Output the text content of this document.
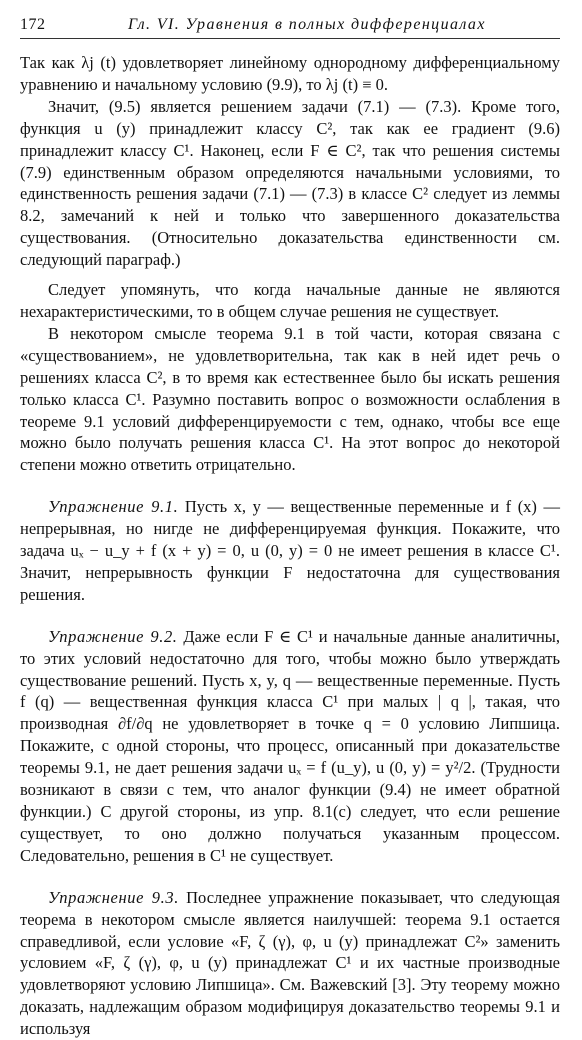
172	Гл. VI. Уравнения в полных дифференциалах

Так как λj (t) удовлетворяет линейному однородному дифференциальному уравнению и начальному условию (9.9), то λj (t) ≡ 0.

Значит, (9.5) является решением задачи (7.1) — (7.3). Кроме того, функция u (y) принадлежит классу C², так как ее градиент (9.6) принадлежит классу C¹. Наконец, если F ∈ C², так что решения системы (7.9) единственным образом определяются начальными условиями, то единственность решения задачи (7.1) — (7.3) в классе C² следует из леммы 8.2, замечаний к ней и только что завершенного доказательства существования. (Относительно доказательства единственности см. следующий параграф.)

Следует упомянуть, что когда начальные данные не являются нехарактеристическими, то в общем случае решения не существует.

В некотором смысле теорема 9.1 в той части, которая связана с «существованием», не удовлетворительна, так как в ней идет речь о решениях класса C², в то время как естественнее было бы искать решения только класса C¹. Разумно поставить вопрос о возможности ослабления в теореме 9.1 условий дифференцируемости с тем, однако, чтобы все еще можно было получать решения класса C¹. На этот вопрос до некоторой степени можно ответить отрицательно.

Упражнение 9.1. Пусть x, y — вещественные переменные и f (x) — непрерывная, но нигде не дифференцируемая функция. Покажите, что задача uₓ − u_y + f (x + y) = 0, u (0, y) = 0 не имеет решения в классе C¹. Значит, непрерывность функции F недостаточна для существования решения.

Упражнение 9.2. Даже если F ∈ C¹ и начальные данные аналитичны, то этих условий недостаточно для того, чтобы можно было утверждать существование решений. Пусть x, y, q — вещественные переменные. Пусть f (q) — вещественная функция класса C¹ при малых | q |, такая, что производная ∂f/∂q не удовлетворяет в точке q = 0 условию Липшица. Покажите, с одной стороны, что процесс, описанный при доказательстве теоремы 9.1, не дает решения задачи uₓ = f (u_y), u (0, y) = y²/2. (Трудности возникают в связи с тем, что аналог функции (9.4) не имеет обратной функции.) С другой стороны, из упр. 8.1(c) следует, что если решение существует, то оно должно получаться указанным процессом. Следовательно, решения в C¹ не существует.

Упражнение 9.3. Последнее упражнение показывает, что следующая теорема в некотором смысле является наилучшей: теорема 9.1 остается справедливой, если условие «F, ζ (γ), φ, u (y) принадлежат C²» заменить условием «F, ζ (γ), φ, u (y) принадлежат C¹ и их частные производные удовлетворяют условию Липшица». См. Важевский [3]. Эту теорему можно доказать, надлежащим образом модифицируя доказательство теоремы 9.1 и используя
